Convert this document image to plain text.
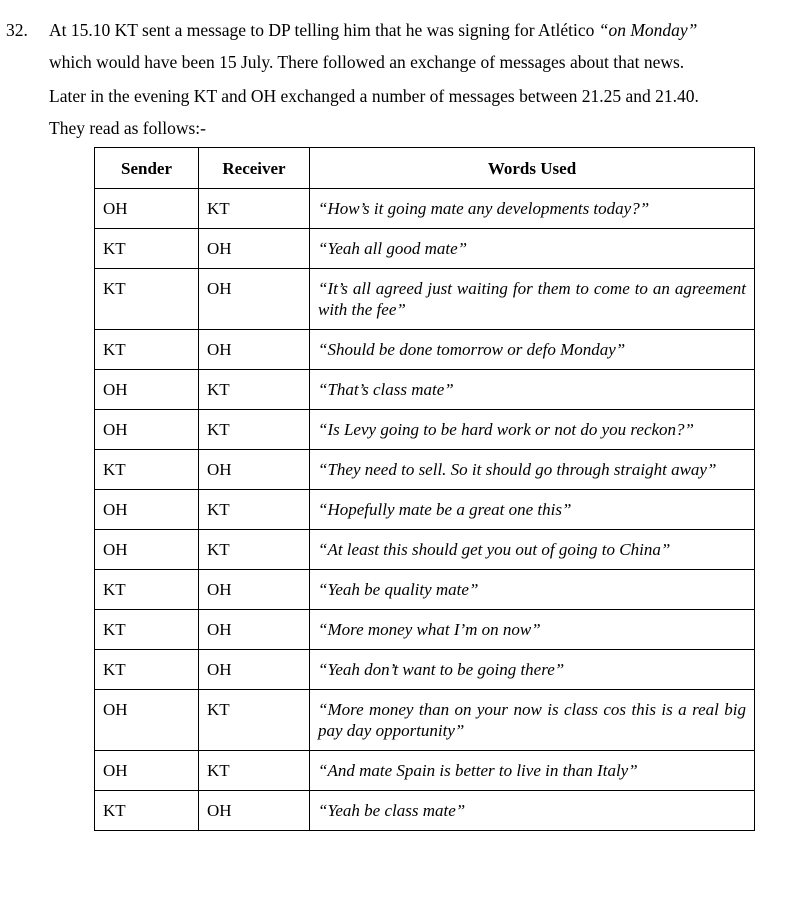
32. At 15.10 KT sent a message to DP telling him that he was signing for Atlético “on Monday”
which would have been 15 July. There followed an exchange of messages about that news.
Later in the evening KT and OH exchanged a number of messages between 21.25 and 21.40.
They read as follows:-
Sender	Receiver	Words Used
OH	KT	“How’s it going mate any developments today?”
KT	OH	“Yeah all good mate”
KT	OH	“It’s all agreed just waiting for them to come to an agreement with the fee”
KT	OH	“Should be done tomorrow or defo Monday”
OH	KT	“That’s class mate”
OH	KT	“Is Levy going to be hard work or not do you reckon?”
KT	OH	“They need to sell. So it should go through straight away”
OH	KT	“Hopefully mate be a great one this”
OH	KT	“At least this should get you out of going to China”
KT	OH	“Yeah be quality mate”
KT	OH	“More money what I’m on now”
KT	OH	“Yeah don’t want to be going there”
OH	KT	“More money than on your now is class cos this is a real big pay day opportunity”
OH	KT	“And mate Spain is better to live in than Italy”
KT	OH	“Yeah be class mate”
